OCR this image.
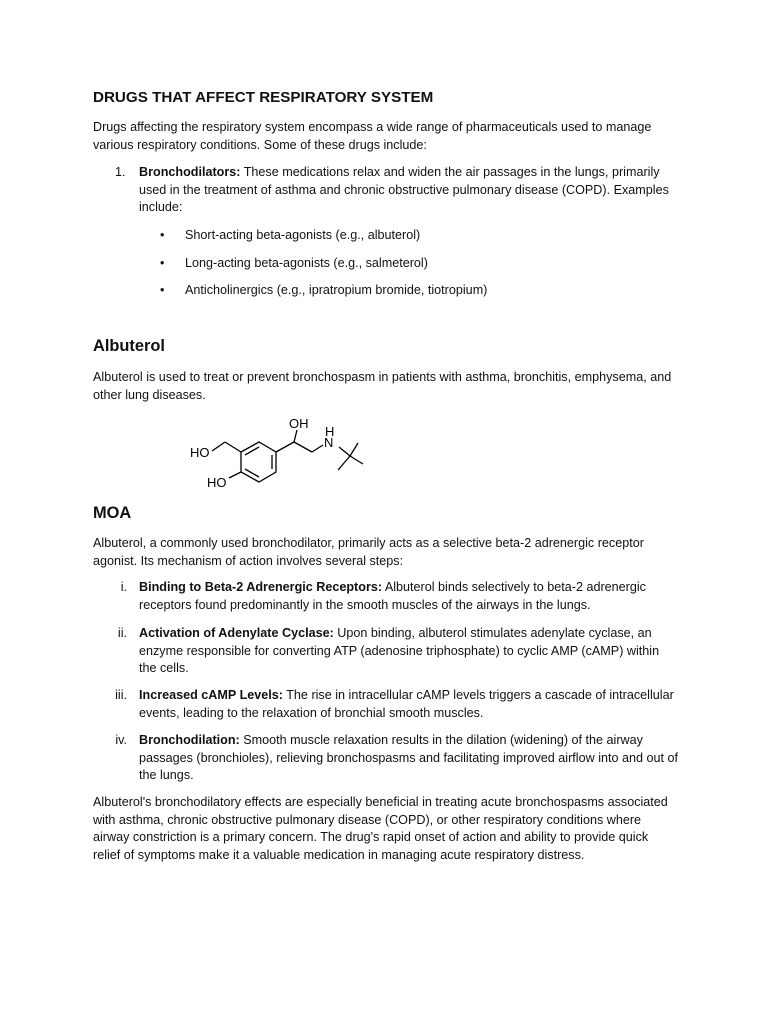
DRUGS THAT AFFECT RESPIRATORY SYSTEM

Drugs affecting the respiratory system encompass a wide range of pharmaceuticals used to manage various respiratory conditions. Some of these drugs include:

1.	Bronchodilators: These medications relax and widen the air passages in the lungs, primarily used in the treatment of asthma and chronic obstructive pulmonary disease (COPD). Examples include:
• Short-acting beta-agonists (e.g., albuterol)
• Long-acting beta-agonists (e.g., salmeterol)
• Anticholinergics (e.g., ipratropium bromide, tiotropium)
Albuterol

Albuterol is used to treat or prevent bronchospasm in patients with asthma, bronchitis, emphysema, and other lung diseases.

OH
H
N
HO
HO
MOA

Albuterol, a commonly used bronchodilator, primarily acts as a selective beta-2 adrenergic receptor agonist. Its mechanism of action involves several steps:

i. Binding to Beta-2 Adrenergic Receptors: Albuterol binds selectively to beta-2 adrenergic receptors found predominantly in the smooth muscles of the airways in the lungs.
ii. Activation of Adenylate Cyclase: Upon binding, albuterol stimulates adenylate cyclase, an enzyme responsible for converting ATP (adenosine triphosphate) to cyclic AMP (cAMP) within the cells.
iii. Increased cAMP Levels: The rise in intracellular cAMP levels triggers a cascade of intracellular events, leading to the relaxation of bronchial smooth muscles.
iv. Bronchodilation: Smooth muscle relaxation results in the dilation (widening) of the airway passages (bronchioles), relieving bronchospasms and facilitating improved airflow into and out of the lungs.

Albuterol's bronchodilatory effects are especially beneficial in treating acute bronchospasms associated with asthma, chronic obstructive pulmonary disease (COPD), or other respiratory conditions where airway constriction is a primary concern. The drug's rapid onset of action and ability to provide quick relief of symptoms make it a valuable medication in managing acute respiratory distress.
